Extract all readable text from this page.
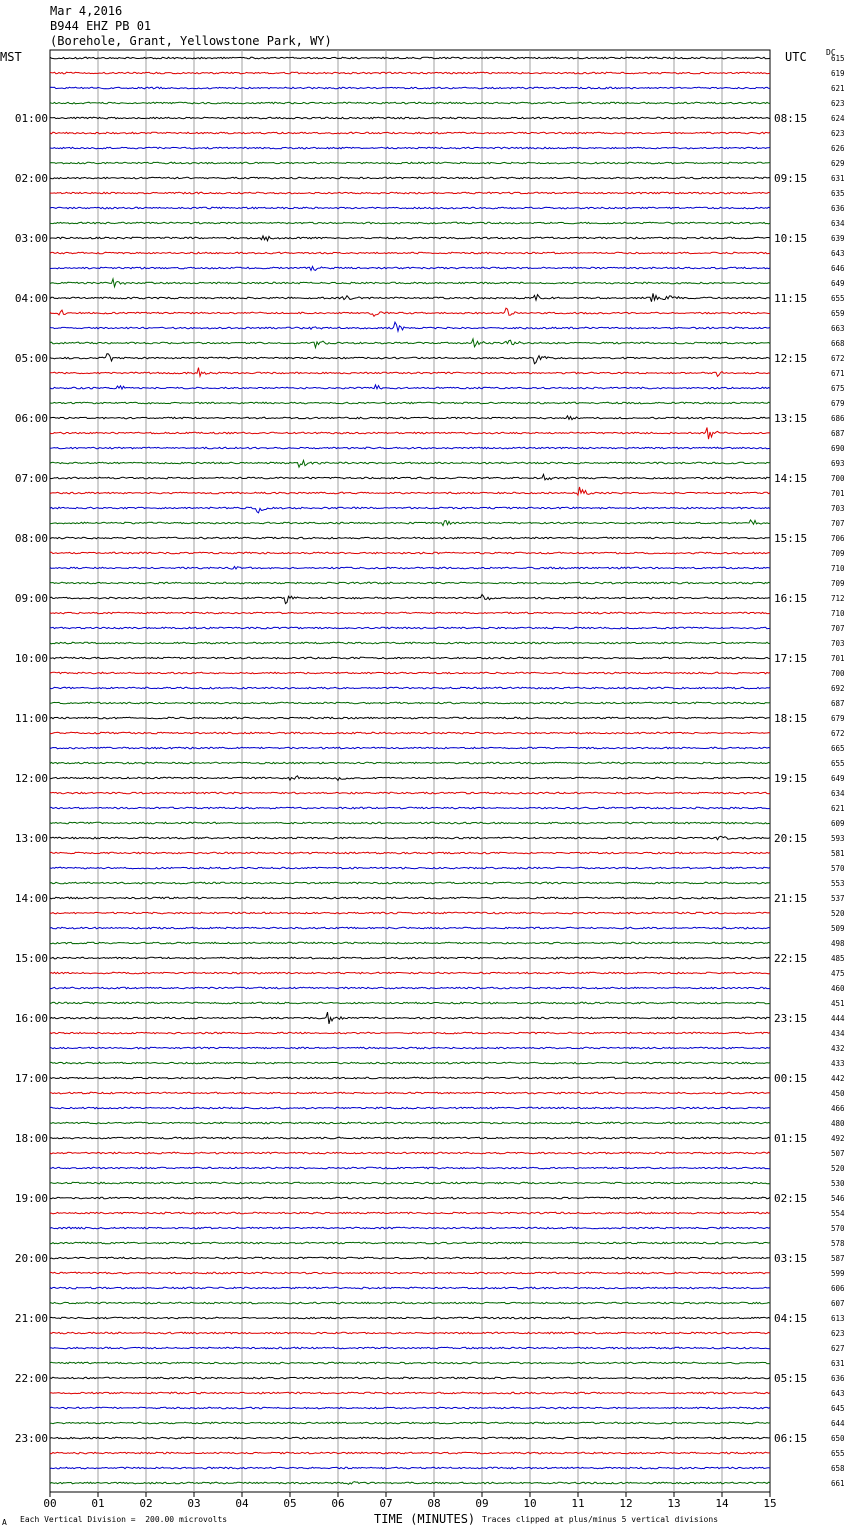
Mar 4,2016
B944 EHZ PB 01
(Borehole, Grant, Yellowstone Park, WY)
MST	UTC DC
00	01	02	03	04	05	06	07	08	09	10	11	12	13	14	15
615
619
621
623
624
01:00	08:15
623
626
629
631
02:00	09:15
635
636
634
639
03:00	10:15
643
646
649
655
04:00	11:15
659
663
668
672
05:00	12:15
671
675
679
686
06:00	13:15
687
690
693
700
07:00	14:15
701
703
707
706
08:00	15:15
709
710
709
712
09:00	16:15
710
707
703
701
10:00	17:15
700
692
687
679
11:00	18:15
672
665
655
649
12:00	19:15
634
621
609
593
13:00	20:15
581
570
553
537
14:00	21:15
520
509
498
485
15:00	22:15
475
460
451
444
16:00	23:15
434
432
433
442
17:00	00:15
450
466
480
492
18:00	01:15
507
520
530
546
19:00	02:15
554
570
578
587
20:00	03:15
599
606
607
613
21:00	04:15
623
627
631
636
22:00	05:15
643
645
644
650
23:00	06:15
655
658
661
A Each Vertical Division =  200.00 microvolts	TIME (MINUTES) Traces clipped at plus/minus 5 vertical divisions
